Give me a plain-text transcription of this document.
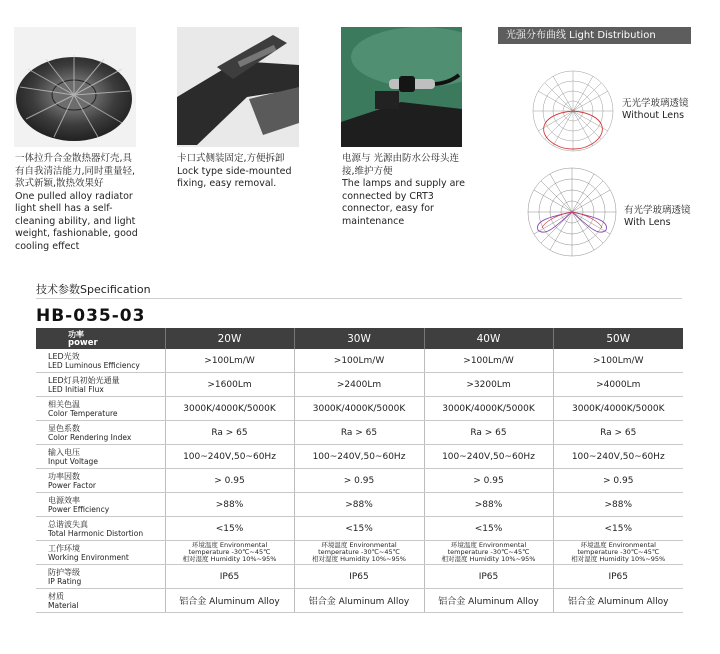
一体拉升合金散热器灯壳,具有自我清洁能力,同时重量轻,款式新颖,散热效果好
One pulled alloy radiator light shell has a self-cleaning ability, and light weight, fashionable, good cooling effect
卡口式侧装固定,方便拆卸
Lock type side-mounted fixing, easy removal.
电源与 光源由防水公母头连接,维护方便
The lamps and supply are connected by CRT3 connector, easy for maintenance
光强分布曲线 Light Distribution
无光学玻璃透镜
Without Lens
有光学玻璃透镜
With Lens
技术参数Specification
HB-035-03
功率
power	20W	30W	40W	50W

LED光效
LED Luminous Efficiency	>100Lm/W	>100Lm/W	>100Lm/W	>100Lm/W

LED灯具初始光通量
LED Initial Flux	>1600Lm	>2400Lm	>3200Lm	>4000Lm

相关色温
Color Temperature	3000K/4000K/5000K	3000K/4000K/5000K	3000K/4000K/5000K	3000K/4000K/5000K

显色系数
Color Rendering Index	Ra > 65	Ra > 65	Ra > 65	Ra > 65

输入电压
Input Voltage	100~240V,50~60Hz	100~240V,50~60Hz	100~240V,50~60Hz	100~240V,50~60Hz

功率因数
Power Factor	> 0.95	> 0.95	> 0.95	> 0.95

电源效率
Power Efficiency	>88%	>88%	>88%	>88%

总谐波失真
Total Harmonic Distortion	<15%	<15%	<15%	<15%

工作环境
Working Environment	环境温度 Environmental
temperature -30℃~45℃
相对湿度 Humidity 10%~95%	环境温度 Environmental
temperature -30℃~45℃
相对湿度 Humidity 10%~95%	环境温度 Environmental
temperature -30℃~45℃
相对湿度 Humidity 10%~95%	环境温度 Environmental
temperature -30℃~45℃
相对湿度 Humidity 10%~95%

防护等级
IP Rating	IP65	IP65	IP65	IP65

材质
Material	铝合金 Aluminum Alloy	铝合金 Aluminum Alloy	铝合金 Aluminum Alloy	铝合金 Aluminum Alloy
